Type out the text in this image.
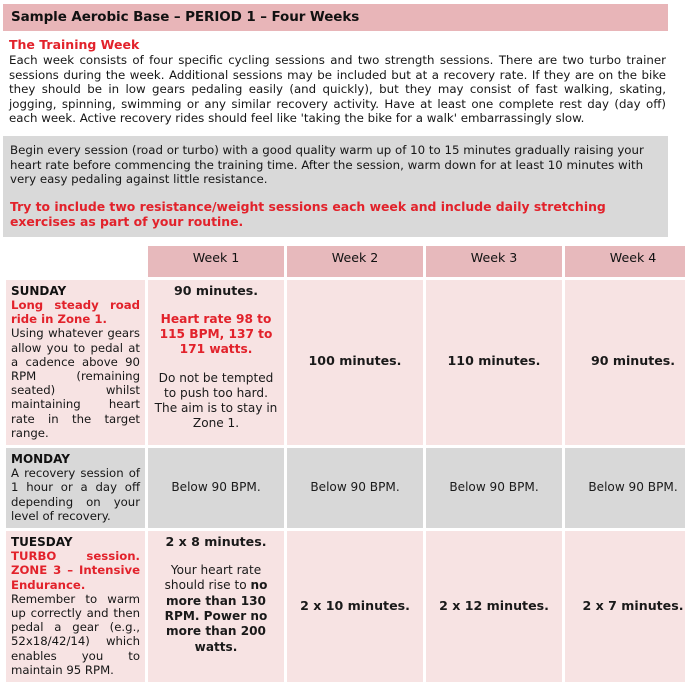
Sample Aerobic Base – PERIOD 1 – Four Weeks
The Training Week
Each week consists of four specific cycling sessions and two strength sessions. There are two turbo trainer sessions during the week. Additional sessions may be included but at a recovery rate. If they are on the bike they should be in low gears pedaling easily (and quickly), but they may consist of fast walking, skating, jogging, spinning, swimming or any similar recovery activity. Have at least one complete rest day (day off) each week. Active recovery rides should feel like 'taking the bike for a walk' embarrassingly slow.
Begin every session (road or turbo) with a good quality warm up of 10 to 15 minutes gradually raising your heart rate before commencing the training time. After the session, warm down for at least 10 minutes with very easy pedaling against little resistance.
Try to include two resistance/weight sessions each week and include daily stretching exercises as part of your routine.
	Week 1	Week 2	Week 3	Week 4

SUNDAY
Long steady road ride in Zone 1.
Using whatever gears allow you to pedal at a cadence above 90 RPM (remaining seated) whilst maintaining heart rate in the target range.	90 minutes.
Heart rate 98 to 115 BPM, 137 to 171 watts.
Do not be tempted to push too hard. The aim is to stay in Zone 1.	100 minutes.	110 minutes.	90 minutes.

MONDAY
A recovery session of 1 hour or a day off depending on your level of recovery.	Below 90 BPM.	Below 90 BPM.	Below 90 BPM.	Below 90 BPM.

TUESDAY
TURBO session. ZONE 3 – Intensive Endurance.
Remember to warm up correctly and then pedal a gear (e.g., 52x18/42/14) which enables you to maintain 95 RPM.	2 x 8 minutes.
Your heart rate should rise to no more than 130 RPM. Power no more than 200 watts.	2 x 10 minutes.	2 x 12 minutes.	2 x 7 minutes.
